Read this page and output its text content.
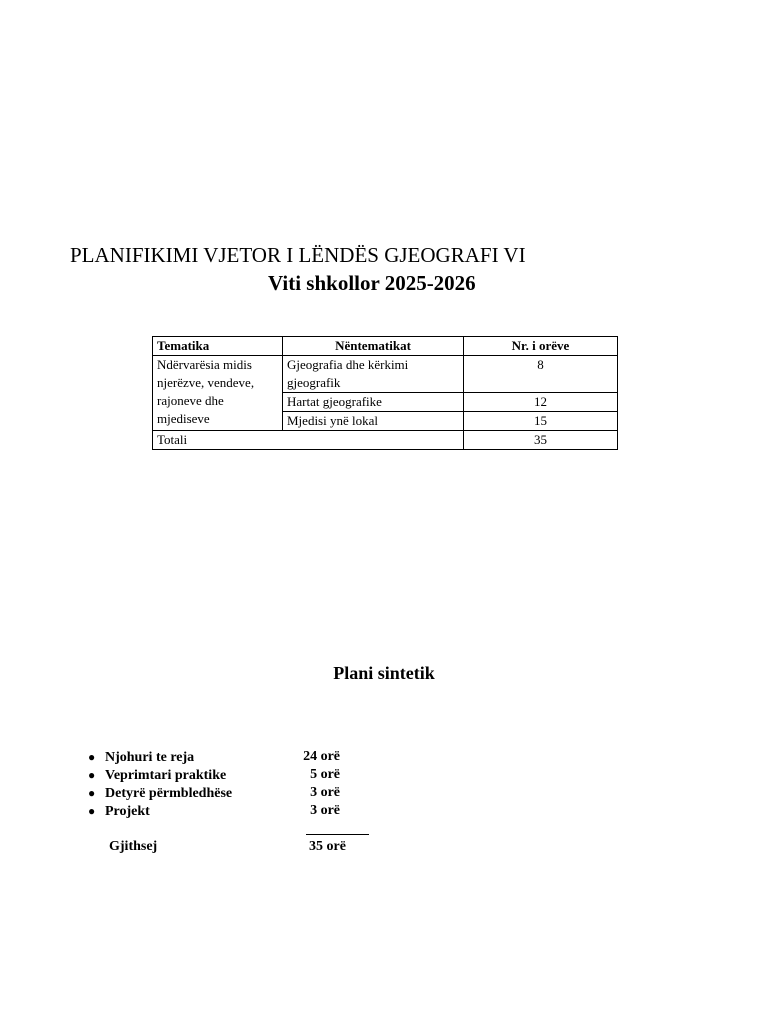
PLANIFIKIMI VJETOR I LËNDËS GJEOGRAFI VI
Viti shkollor 2025-2026
Tematika	Nëntematikat	Nr. i orëve
Ndërvarësia midis njerëzve, vendeve, rajoneve dhe mjediseve	Gjeografia dhe kërkimi gjeografik	8
	Hartat gjeografike	12
	Mjedisi ynë lokal	15
Totali		35
Plani sintetik
● Njohuri te reja	24 orë
● Veprimtari praktike	5 orë
● Detyrë përmbledhëse	3 orë
● Projekt	3 orë
Gjithsej	35 orë
